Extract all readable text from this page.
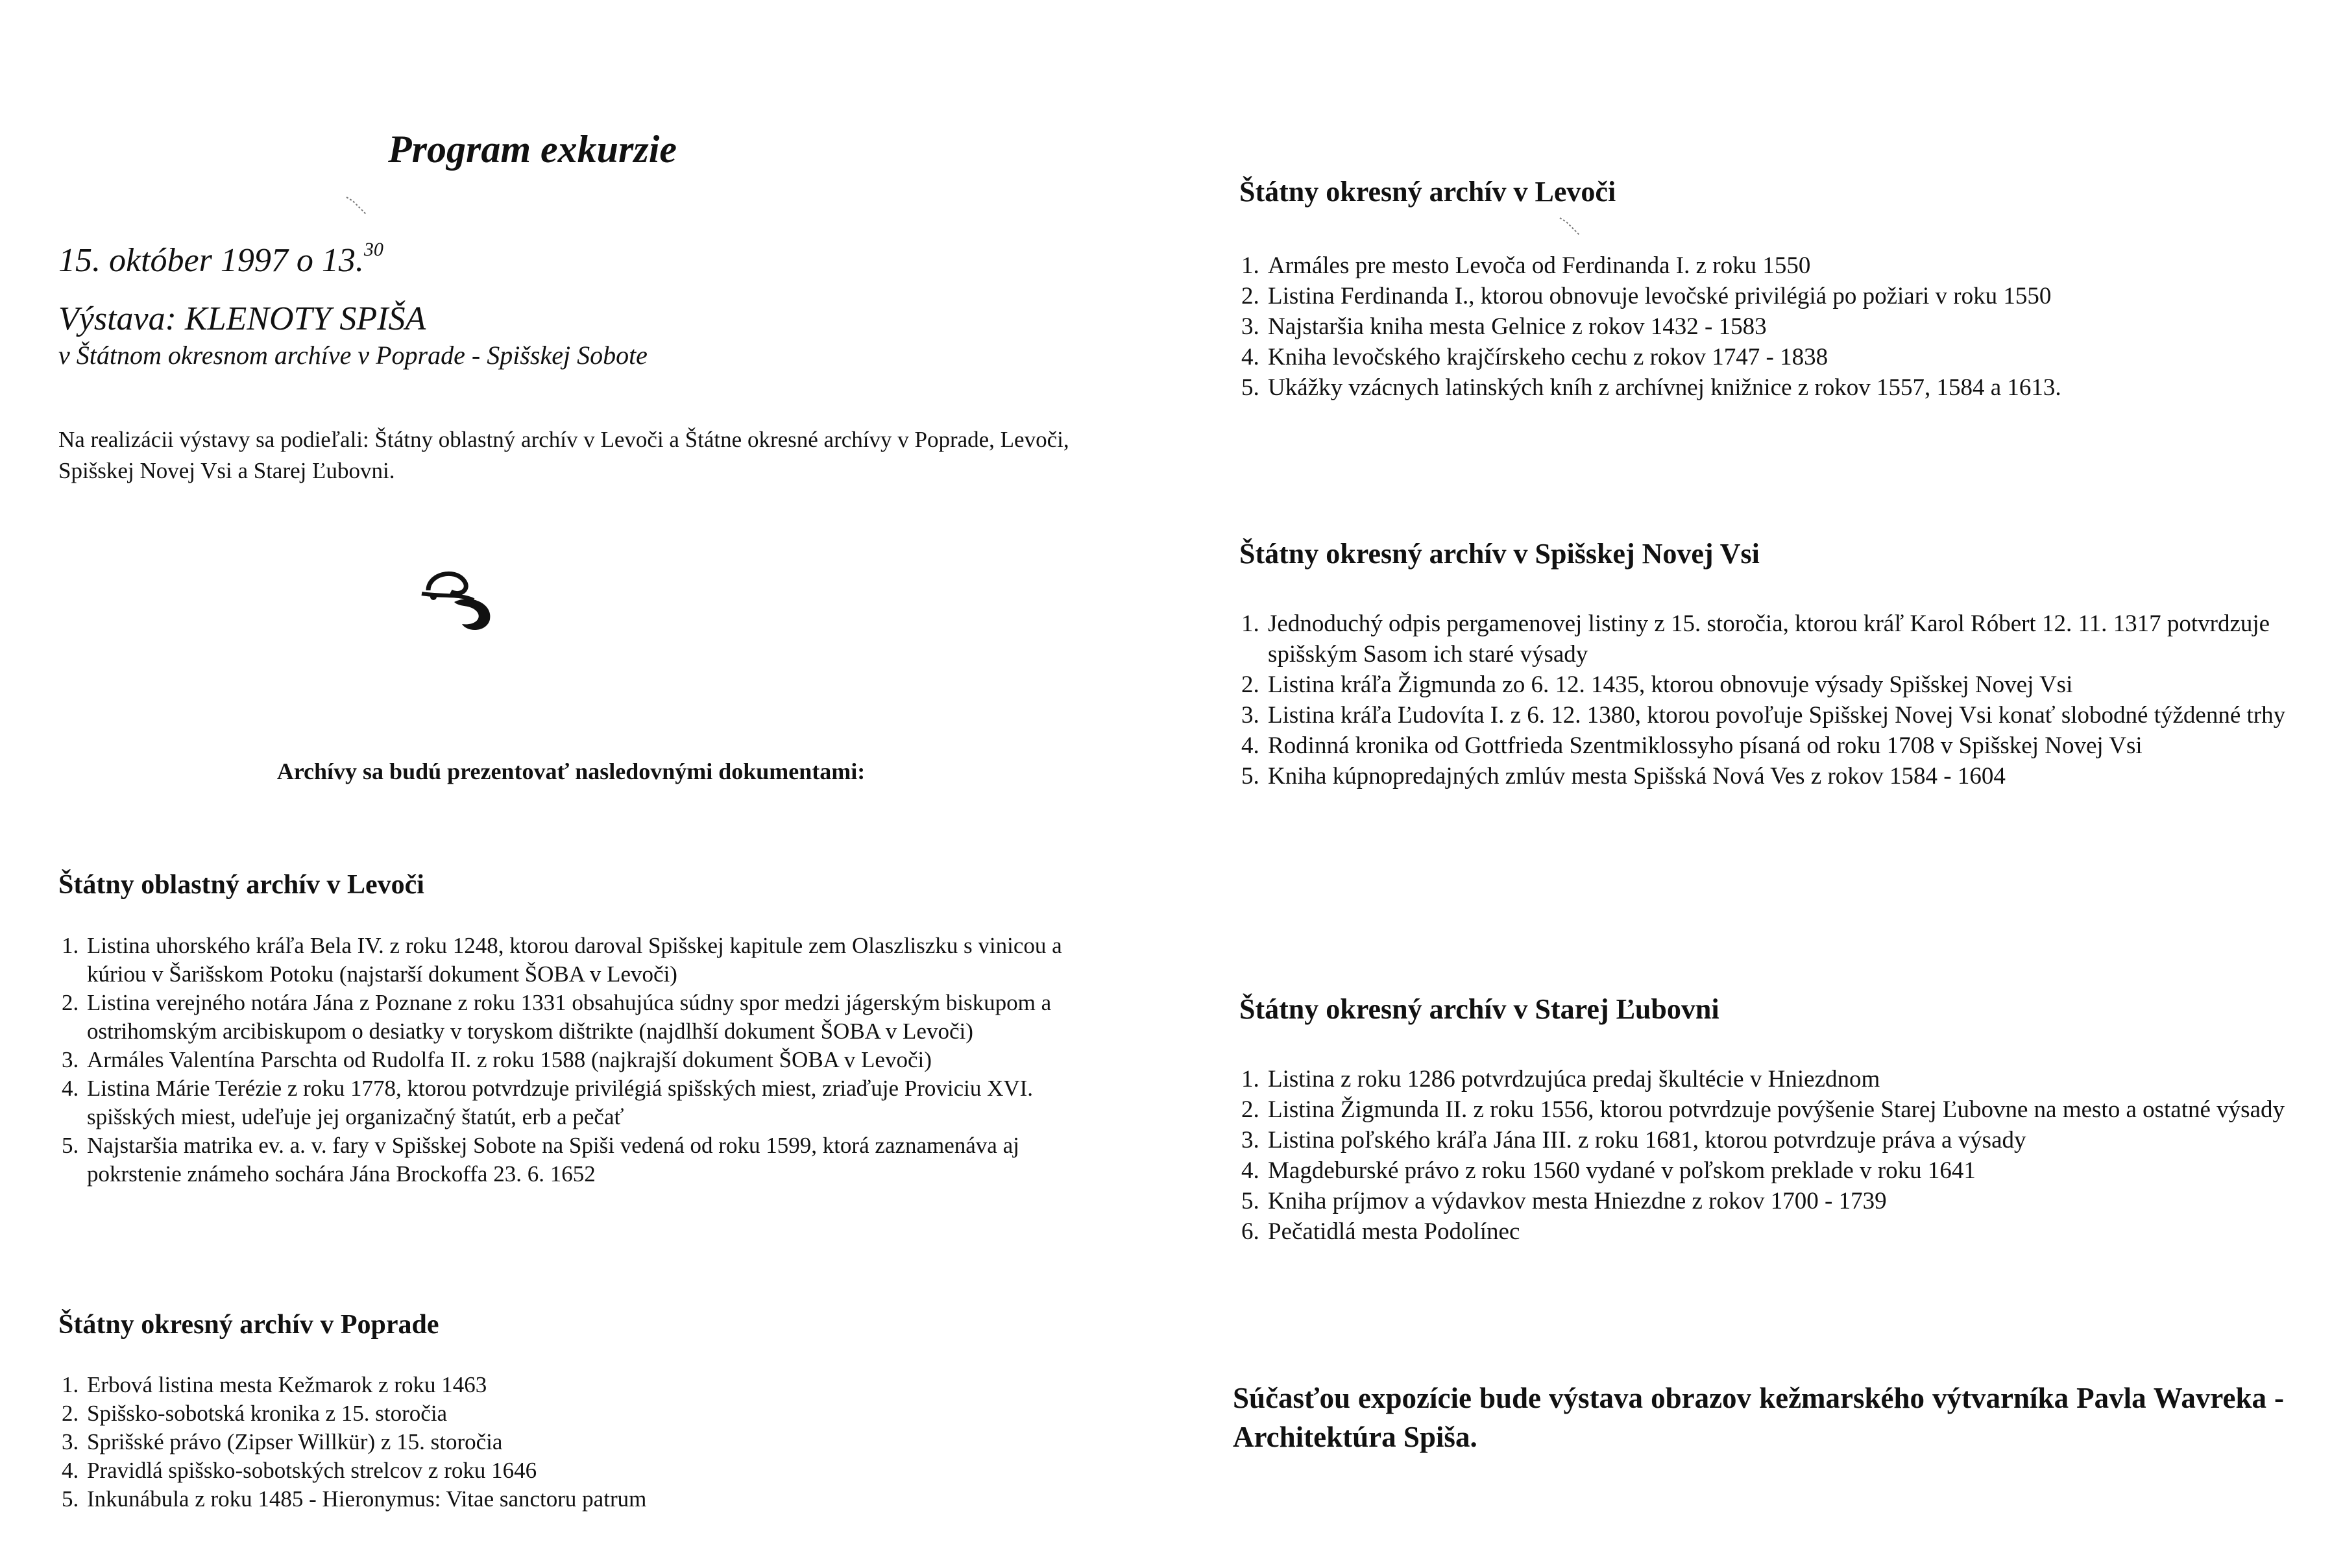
Program exkurzie
15. október 1997 o 13.30
Výstava: KLENOTY SPIŠA
v Štátnom okresnom archíve v Poprade - Spišskej Sobote

Na realizácii výstavy sa podieľali: Štátny oblastný archív v Levoči a Štátne okresné archívy v Poprade, Levoči, Spišskej Novej Vsi a Starej Ľubovni.

Archívy sa budú prezentovať nasledovnými dokumentami:

Štátny oblastný archív v Levoči
1. Listina uhorského kráľa Bela IV. z roku 1248, ktorou daroval Spišskej kapitule zem Olaszliszku s vinicou a kúriou v Šarišskom Potoku (najstarší dokument ŠOBA v Levoči)
2. Listina verejného notára Jána z Poznane z roku 1331 obsahujúca súdny spor medzi jágerským biskupom a ostrihomským arcibiskupom o desiatky v toryskom dištrikte (najdlhší dokument ŠOBA v Levoči)
3. Armáles Valentína Parschta od Rudolfa II. z roku 1588 (najkrajší dokument ŠOBA v Levoči)
4. Listina Márie Terézie z roku 1778, ktorou potvrdzuje privilégiá spišských miest, zriaďuje Proviciu XVI. spišských miest, udeľuje jej organizačný štatút, erb a pečať
5. Najstaršia matrika ev. a. v. fary v Spišskej Sobote na Spiši vedená od roku 1599, ktorá zaznamenáva aj pokrstenie známeho sochára Jána Brockoffa 23. 6. 1652
Štátny okresný archív v Poprade
1. Erbová listina mesta Kežmarok z roku 1463
2. Spišsko-sobotská kronika z 15. storočia
3. Sprišské právo (Zipser Willkür) z 15. storočia
4. Pravidlá spišsko-sobotských strelcov z roku 1646
5. Inkunábula z roku 1485 - Hieronymus: Vitae sanctoru patrum
Štátny okresný archív v Levoči
1. Armáles pre mesto Levoča od Ferdinanda I. z roku 1550
2. Listina Ferdinanda I., ktorou obnovuje levočské privilégiá po požiari v roku 1550
3. Najstaršia kniha mesta Gelnice z rokov 1432 - 1583
4. Kniha levočského krajčírskeho cechu z rokov 1747 - 1838
5. Ukážky vzácnych latinských kníh z archívnej knižnice z rokov 1557, 1584 a 1613.
Štátny okresný archív v Spišskej Novej Vsi
1. Jednoduchý odpis pergamenovej listiny z 15. storočia, ktorou kráľ Karol Róbert 12. 11. 1317 potvrdzuje spišským Sasom ich staré výsady
2. Listina kráľa Žigmunda zo 6. 12. 1435, ktorou obnovuje výsady Spišskej Novej Vsi
3. Listina kráľa Ľudovíta I. z 6. 12. 1380, ktorou povoľuje Spišskej Novej Vsi konať slobodné týždenné trhy
4. Rodinná kronika od Gottfrieda Szentmiklossyho písaná od roku 1708 v Spišskej Novej Vsi
5. Kniha kúpnopredajných zmlúv mesta Spišská Nová Ves z rokov 1584 - 1604
Štátny okresný archív v Starej Ľubovni
1. Listina z roku 1286 potvrdzujúca predaj škultécie v Hniezdnom
2. Listina Žigmunda II. z roku 1556, ktorou potvrdzuje povýšenie Starej Ľubovne na mesto a ostatné výsady
3. Listina poľského kráľa Jána III. z roku 1681, ktorou potvrdzuje práva a výsady
4. Magdeburské právo z roku 1560 vydané v poľskom preklade v roku 1641
5. Kniha príjmov a výdavkov mesta Hniezdne z rokov 1700 - 1739
6. Pečatidlá mesta Podolínec

Súčasťou expozície bude výstava obrazov kežmarského výtvarníka Pavla Wavreka - Architektúra Spiša.
